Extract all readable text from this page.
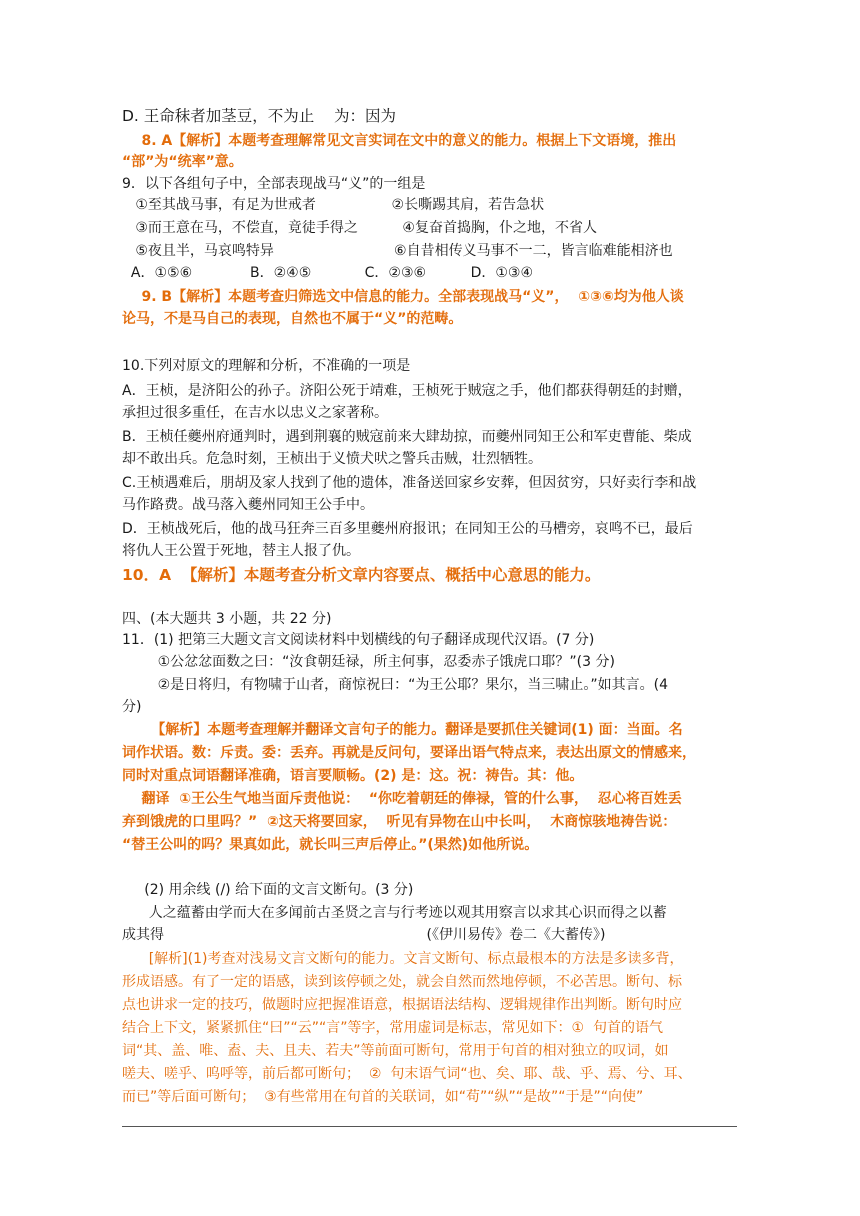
D. 王命秣者加茎豆，不为止    为：因为
8. A【解析】本题考查理解常见文言实词在文中的意义的能力。根据上下文语境，推出
“部”为“统率”意。
9．以下各组句子中，全部表现战马“义”的一组是
①至其战马事，有足为世戒者                 ②长嘶踢其肩，若告急状
③而王意在马，不偿直，竟徒手得之          ④复奋首捣胸，仆之地，不省人
⑤夜且半，马哀鸣特异                           ⑥自昔相传义马事不一二，皆言临难能相济也
A．①⑤⑥             B．②④⑤            C．②③⑥          D．①③④
9. B【解析】本题考查归筛选文中信息的能力。全部表现战马“义”，  ①③⑥均为他人谈
论马，不是马自己的表现，自然也不属于“义”的范畴。
10.下列对原文的理解和分析，不准确的一项是
A．王桢，是济阳公的孙子。济阳公死于靖难，王桢死于贼寇之手，他们都获得朝廷的封赠，
承担过很多重任，在吉水以忠义之家著称。
B．王桢任夔州府通判时，遇到荆襄的贼寇前来大肆劫掠，而夔州同知王公和军吏曹能、柴成
却不敢出兵。危急时刻，王桢出于义愤犬吠之警兵击贼，壮烈牺牲。
C.王桢遇难后，朋胡及家人找到了他的遗体，准备送回家乡安葬，但因贫穷，只好卖行李和战
马作路费。战马落入夔州同知王公手中。
D．王桢战死后，他的战马狂奔三百多里夔州府报讯；在同知王公的马槽旁，哀鸣不已，最后
将仇人王公置于死地，替主人报了仇。
10．A  【解析】本题考查分析文章内容要点、概括中心意思的能力。
四、(本大题共 3 小题，共 22 分)
11．(1) 把第三大题文言文阅读材料中划横线的句子翻译成现代汉语。(7 分)
①公忿忿面数之曰：“汝食朝廷禄，所主何事，忍委赤子饿虎口耶？”(3 分)
②是日将归，有物啸于山者，商惊祝曰：“为王公耶？果尔，当三啸止。”如其言。(4
分)
【解析】本题考查理解并翻译文言句子的能力。翻译是要抓住关键词(1) 面：当面。名
词作状语。数：斥责。委：丢弃。再就是反问句，要译出语气特点来，表达出原文的情感来，
同时对重点词语翻译准确，语言要顺畅。(2) 是：这。祝：祷告。其：他。
翻译  ①王公生气地当面斥责他说：  “你吃着朝廷的俸禄，管的什么事，  忍心将百姓丢
弃到饿虎的口里吗？”  ②这天将要回家，  听见有异物在山中长叫，  木商惊骇地祷告说：
“替王公叫的吗？果真如此，就长叫三声后停止。”(果然)如他所说。
(2) 用余线 (/) 给下面的文言文断句。(3 分)
人之蕴蓄由学而大在多闻前古圣贤之言与行考迹以观其用察言以求其心识而得之以蓄
成其得                                                           (《伊川易传》卷二《大蓄传》)
[解析](1)考查对浅易文言文断句的能力。文言文断句、标点最根本的方法是多读多背，
形成语感。有了一定的语感，读到该停顿之处，就会自然而然地停顿，不必苦思。断句、标
点也讲求一定的技巧，做题时应把握准语意，根据语法结构、逻辑规律作出判断。断句时应
结合上下文，紧紧抓住“曰”“云”“言”等字，常用虚词是标志，常见如下：①  句首的语气
词“其、盖、唯、盍、夫、且夫、若夫”等前面可断句，常用于句首的相对独立的叹词，如
嗟夫、嗟乎、呜呼等，前后都可断句；  ②  句末语气词“也、矣、耶、哉、乎、焉、兮、耳、
而已”等后面可断句；  ③有些常用在句首的关联词，如“苟”“纵”“是故”“于是”“向使”
